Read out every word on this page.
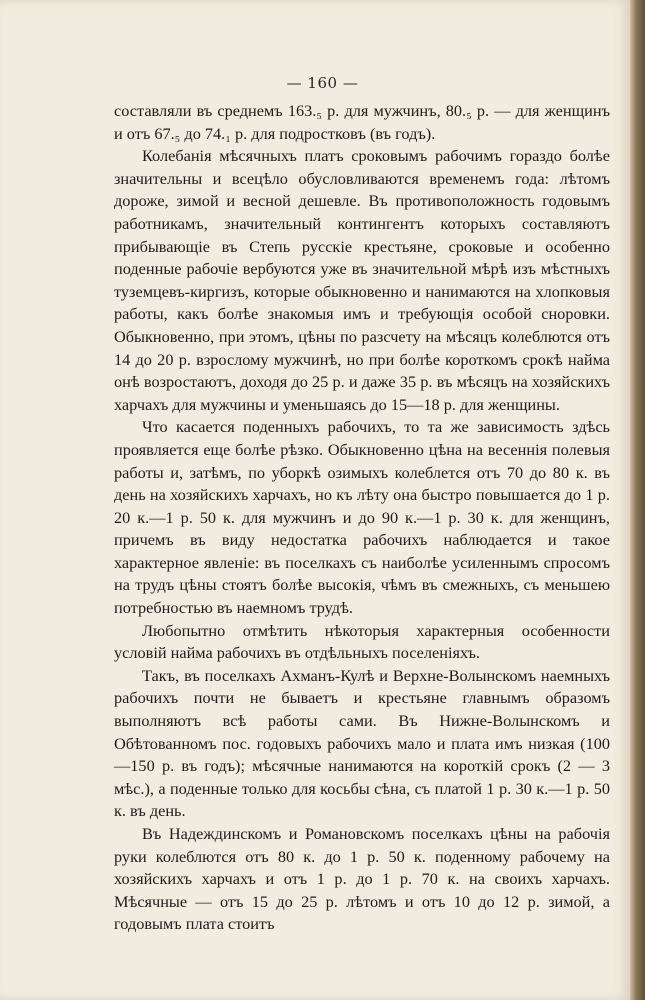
— 160 —

составляли въ среднемъ 163.₅ р. для мужчинъ, 80.₅ р. — для женщинъ и отъ 67.₅ до 74.₁ р. для подростковъ (въ годъ).

Колебанія мѣсячныхъ платъ сроковымъ рабочимъ гораздо болѣе значительны и всецѣло обусловливаются временемъ года: лѣтомъ дороже, зимой и весной дешевле. Въ противоположность годовымъ работникамъ, значительный контингентъ которыхъ составляютъ прибывающіе въ Степь русскіе крестьяне, сроковые и особенно поденные рабочіе вербуются уже въ значительной мѣрѣ изъ мѣстныхъ туземцевъ-киргизъ, которые обыкновенно и нанимаются на хлопковыя работы, какъ болѣе знакомыя имъ и требующія особой сноровки. Обыкновенно, при этомъ, цѣны по разсчету на мѣсяцъ колеблются отъ 14 до 20 р. взрослому мужчинѣ, но при болѣе короткомъ срокѣ найма онѣ возростаютъ, доходя до 25 р. и даже 35 р. въ мѣсяцъ на хозяйскихъ харчахъ для мужчины и уменьшаясь до 15—18 р. для женщины.

Что касается поденныхъ рабочихъ, то та же зависимость здѣсь проявляется еще болѣе рѣзко. Обыкновенно цѣна на весеннія полевыя работы и, затѣмъ, по уборкѣ озимыхъ колеблется отъ 70 до 80 к. въ день на хозяйскихъ харчахъ, но къ лѣту она быстро повышается до 1 р. 20 к.—1 р. 50 к. для мужчинъ и до 90 к.—1 р. 30 к. для женщинъ, причемъ въ виду недостатка рабочихъ наблюдается и такое характерное явленіе: въ поселкахъ съ наиболѣе усиленнымъ спросомъ на трудъ цѣны стоятъ болѣе высокія, чѣмъ въ смежныхъ, съ меньшею потребностью въ наемномъ трудѣ.

Любопытно отмѣтить нѣкоторыя характерныя особенности условій найма рабочихъ въ отдѣльныхъ поселеніяхъ.

Такъ, въ поселкахъ Ахманъ-Кулѣ и Верхне-Волынскомъ наемныхъ рабочихъ почти не бываетъ и крестьяне главнымъ образомъ выполняютъ всѣ работы сами. Въ Нижне-Волынскомъ и Обѣтованномъ пос. годовыхъ рабочихъ мало и плата имъ низкая (100—150 р. въ годъ); мѣсячные нанимаются на короткій срокъ (2 — 3 мѣс.), а поденные только для косьбы сѣна, съ платой 1 р. 30 к.—1 р. 50 к. въ день.

Въ Надеждинскомъ и Романовскомъ поселкахъ цѣны на рабочія руки колеблются отъ 80 к. до 1 р. 50 к. поденному рабочему на хозяйскихъ харчахъ и отъ 1 р. до 1 р. 70 к. на своихъ харчахъ. Мѣсячные — отъ 15 до 25 р. лѣтомъ и отъ 10 до 12 р. зимой, а годовымъ плата стоитъ
